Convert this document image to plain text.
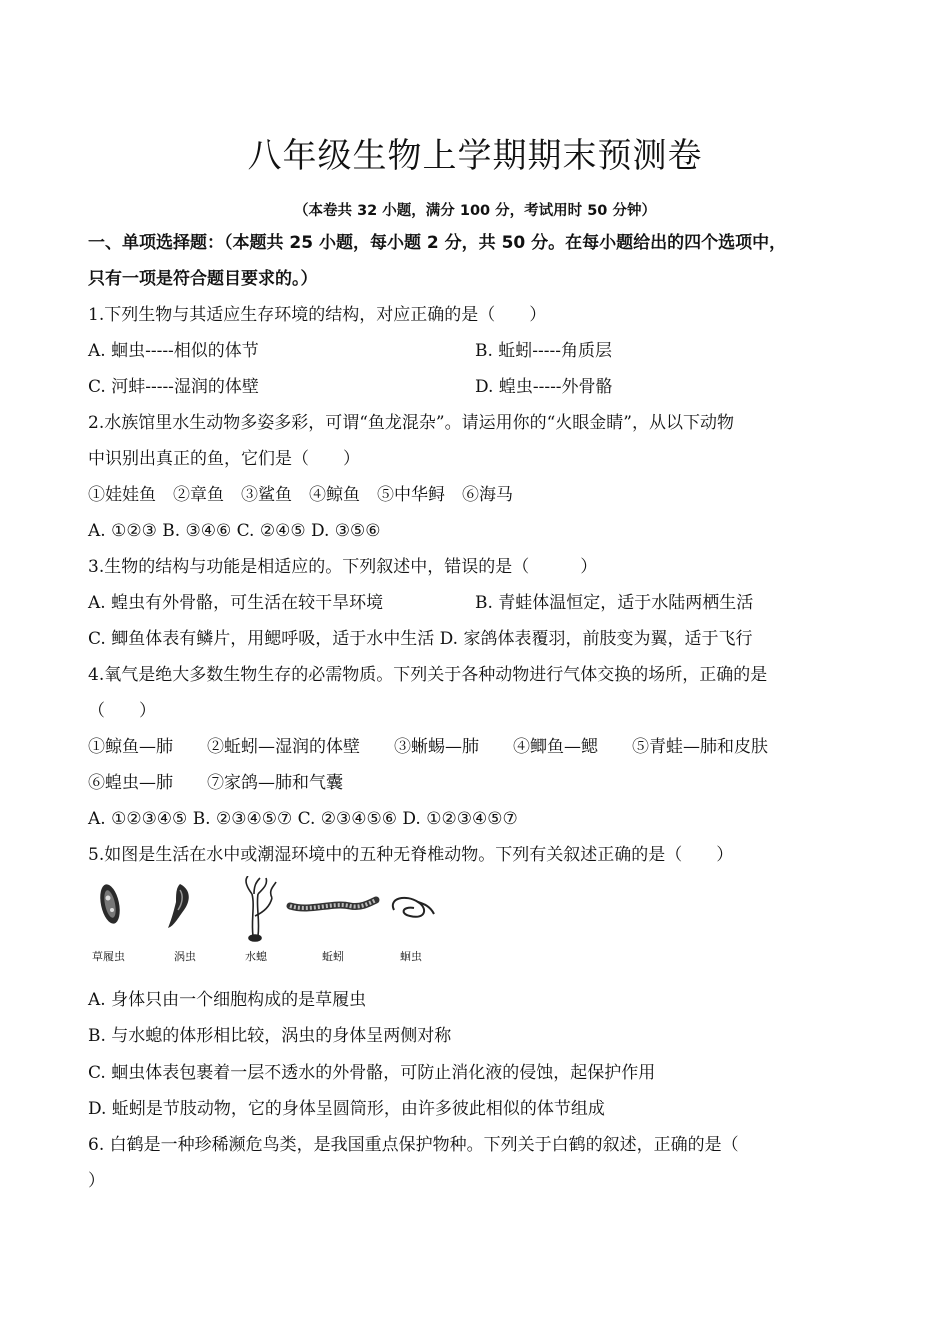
八年级生物上学期期末预测卷
（本卷共 32 小题，满分 100 分，考试用时 50 分钟）
一、单项选择题：（本题共 25 小题，每小题 2 分，共 50 分。在每小题给出的四个选项中，
只有一项是符合题目要求的。）
1.下列生物与其适应生存环境的结构，对应正确的是（　　）
A. 蛔虫-----相似的体节	B. 蚯蚓-----角质层
C. 河蚌-----湿润的体壁	D. 蝗虫-----外骨骼
2.水族馆里水生动物多姿多彩，可谓“鱼龙混杂”。请运用你的“火眼金睛”，从以下动物
中识别出真正的鱼，它们是（　　）
①娃娃鱼　②章鱼　③鲨鱼　④鲸鱼　⑤中华鲟　⑥海马
A. ①②③ B. ③④⑥ C. ②④⑤ D. ③⑤⑥
3.生物的结构与功能是相适应的。下列叙述中，错误的是（　　　）
A. 蝗虫有外骨骼，可生活在较干旱环境	B. 青蛙体温恒定，适于水陆两栖生活
C. 鲫鱼体表有鳞片，用鳃呼吸，适于水中生活 D. 家鸽体表覆羽，前肢变为翼，适于飞行
4.氧气是绝大多数生物生存的必需物质。下列关于各种动物进行气体交换的场所，正确的是
（　　）
①鲸鱼—肺　　②蚯蚓—湿润的体壁　　③蜥蜴—肺　　④鲫鱼—鳃　　⑤青蛙—肺和皮肤
⑥蝗虫—肺　　⑦家鸽—肺和气囊
A. ①②③④⑤ B. ②③④⑤⑦ C. ②③④⑤⑥ D. ①②③④⑤⑦
5.如图是生活在水中或潮湿环境中的五种无脊椎动物。下列有关叙述正确的是（　　）
草履虫	涡虫	水螅	蚯蚓	蛔虫
A. 身体只由一个细胞构成的是草履虫
B. 与水螅的体形相比较，涡虫的身体呈两侧对称
C. 蛔虫体表包裹着一层不透水的外骨骼，可防止消化液的侵蚀，起保护作用
D. 蚯蚓是节肢动物，它的身体呈圆筒形，由许多彼此相似的体节组成
6. 白鹤是一种珍稀濒危鸟类，是我国重点保护物种。下列关于白鹤的叙述，正确的是（
）
